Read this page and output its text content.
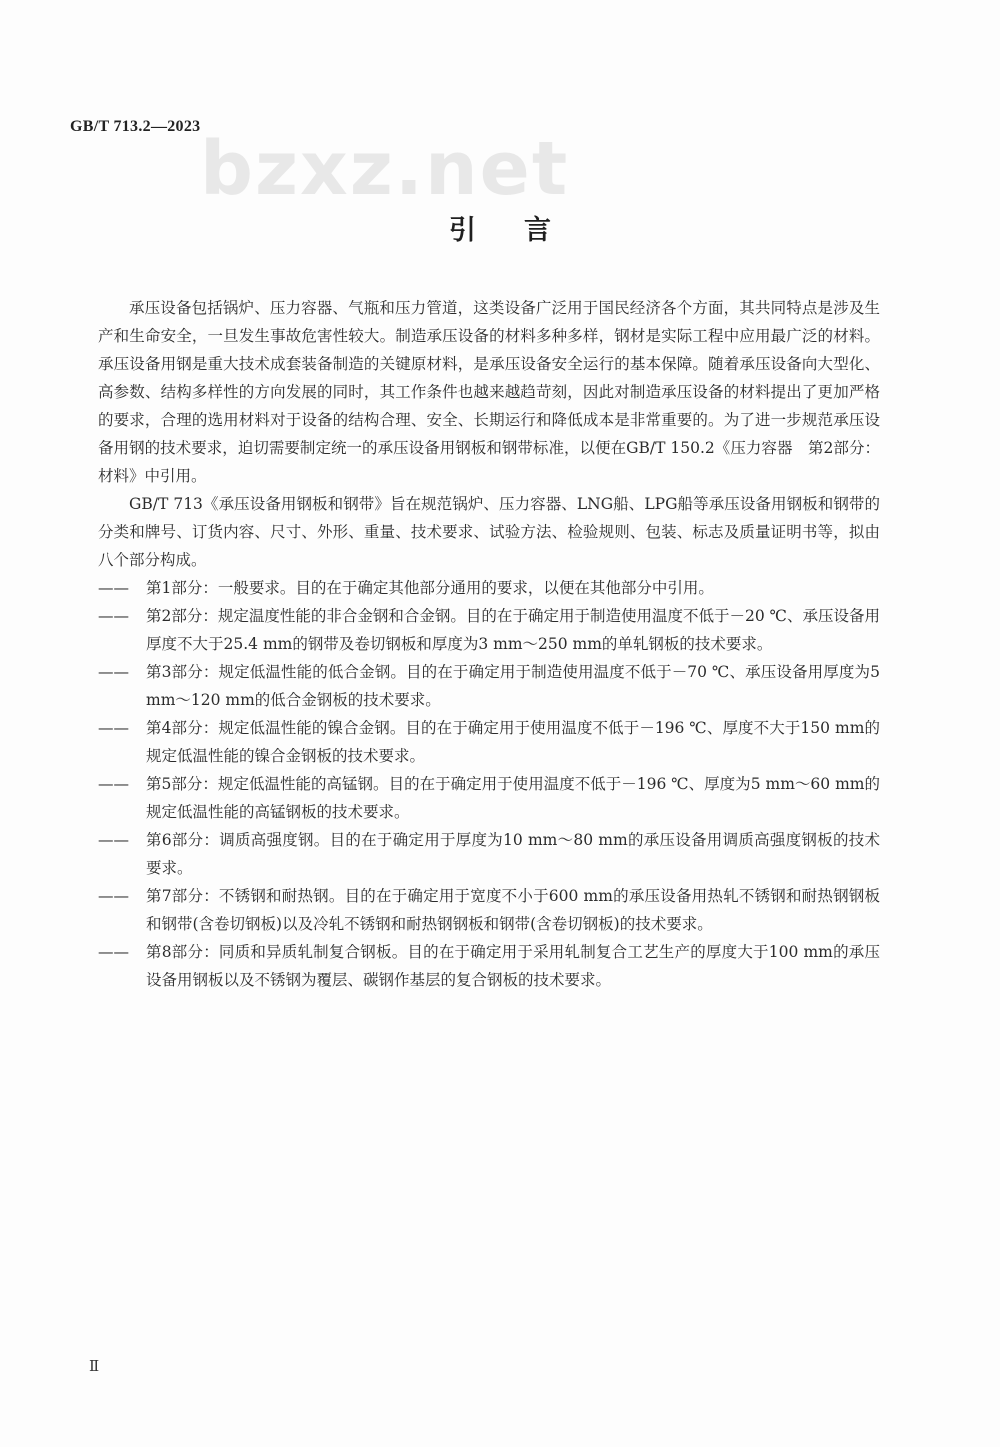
GB/T 713.2—2023 bzxz.net
引言

承压设备包括锅炉、压力容器、气瓶和压力管道，这类设备广泛用于国民经济各个方面，其共同特点是涉及生产和生命安全，一旦发生事故危害性较大。制造承压设备的材料多种多样，钢材是实际工程中应用最广泛的材料。承压设备用钢是重大技术成套装备制造的关键原材料，是承压设备安全运行的基本保障。随着承压设备向大型化、高参数、结构多样性的方向发展的同时，其工作条件也越来越趋苛刻，因此对制造承压设备的材料提出了更加严格的要求，合理的选用材料对于设备的结构合理、安全、长期运行和降低成本是非常重要的。为了进一步规范承压设备用钢的技术要求，迫切需要制定统一的承压设备用钢板和钢带标准，以便在GB/T 150.2《压力容器　第2部分：材料》中引用。

GB/T 713《承压设备用钢板和钢带》旨在规范锅炉、压力容器、LNG船、LPG船等承压设备用钢板和钢带的分类和牌号、订货内容、尺寸、外形、重量、技术要求、试验方法、检验规则、包装、标志及质量证明书等，拟由八个部分构成。

——	第1部分：一般要求。目的在于确定其他部分通用的要求，以便在其他部分中引用。
——	第2部分：规定温度性能的非合金钢和合金钢。目的在于确定用于制造使用温度不低于－20 ℃、承压设备用厚度不大于25.4 mm的钢带及卷切钢板和厚度为3 mm～250 mm的单轧钢板的技术要求。
——	第3部分：规定低温性能的低合金钢。目的在于确定用于制造使用温度不低于－70 ℃、承压设备用厚度为5 mm～120 mm的低合金钢板的技术要求。
——	第4部分：规定低温性能的镍合金钢。目的在于确定用于使用温度不低于－196 ℃、厚度不大于150 mm的规定低温性能的镍合金钢板的技术要求。
——	第5部分：规定低温性能的高锰钢。目的在于确定用于使用温度不低于－196 ℃、厚度为5 mm～60 mm的规定低温性能的高锰钢板的技术要求。
——	第6部分：调质高强度钢。目的在于确定用于厚度为10 mm～80 mm的承压设备用调质高强度钢板的技术要求。
——	第7部分：不锈钢和耐热钢。目的在于确定用于宽度不小于600 mm的承压设备用热轧不锈钢和耐热钢钢板和钢带(含卷切钢板)以及冷轧不锈钢和耐热钢钢板和钢带(含卷切钢板)的技术要求。
——	第8部分：同质和异质轧制复合钢板。目的在于确定用于采用轧制复合工艺生产的厚度大于100 mm的承压设备用钢板以及不锈钢为覆层、碳钢作基层的复合钢板的技术要求。
Ⅱ
